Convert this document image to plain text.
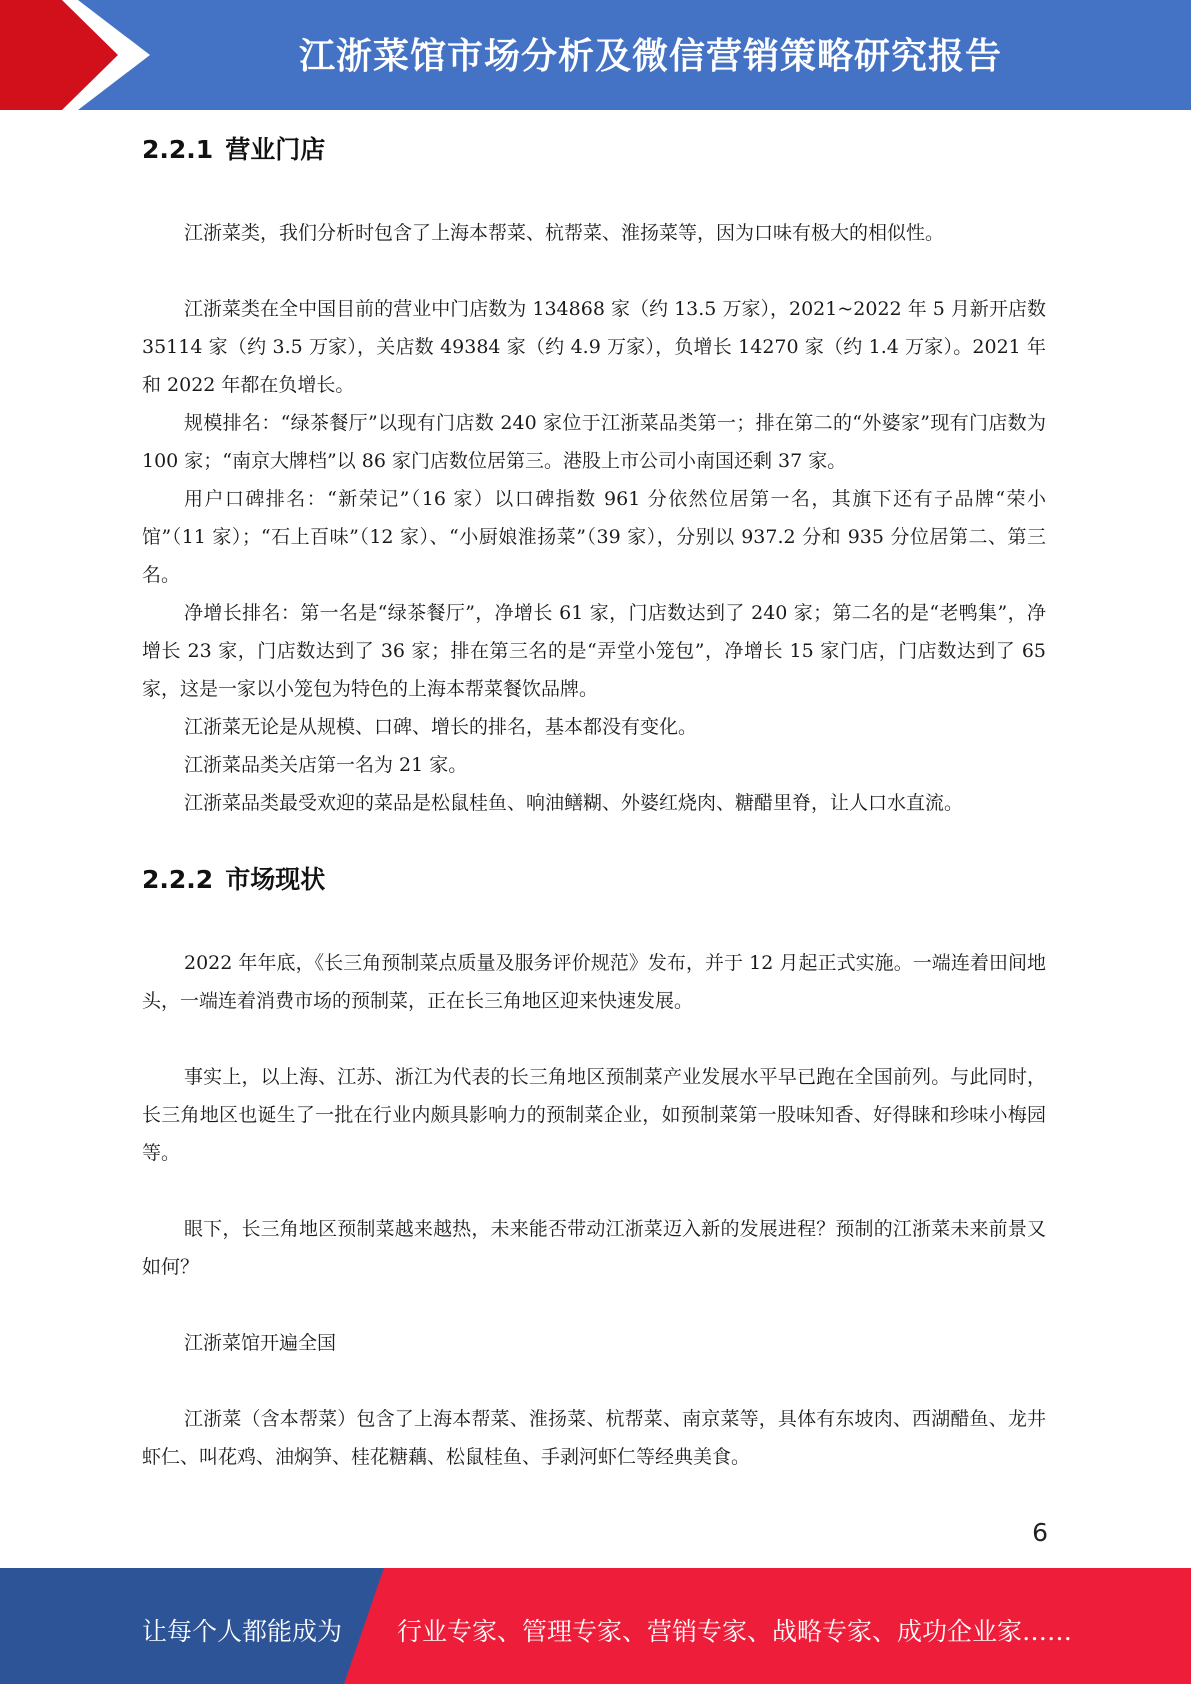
江浙菜馆市场分析及微信营销策略研究报告
2.2.1 营业门店

江浙菜类，我们分析时包含了上海本帮菜、杭帮菜、淮扬菜等，因为口味有极大的相似性。

江浙菜类在全中国目前的营业中门店数为 134868 家（约 13.5 万家），2021~2022 年 5 月新开店数 35114 家（约 3.5 万家），关店数 49384 家（约 4.9 万家），负增长 14270 家（约 1.4 万家）。2021 年和 2022 年都在负增长。

规模排名：“绿茶餐厅”以现有门店数 240 家位于江浙菜品类第一；排在第二的“外婆家”现有门店数为 100 家；“南京大牌档”以 86 家门店数位居第三。港股上市公司小南国还剩 37 家。

用户口碑排名：“新荣记”（16 家）以口碑指数 961 分依然位居第一名，其旗下还有子品牌“荣小馆”（11 家）；“石上百味”（12 家）、“小厨娘淮扬菜”（39 家），分别以 937.2 分和 935 分位居第二、第三名。

净增长排名：第一名是“绿茶餐厅”，净增长 61 家，门店数达到了 240 家；第二名的是“老鸭集”，净增长 23 家，门店数达到了 36 家；排在第三名的是“弄堂小笼包”，净增长 15 家门店，门店数达到了 65 家，这是一家以小笼包为特色的上海本帮菜餐饮品牌。

江浙菜无论是从规模、口碑、增长的排名，基本都没有变化。

江浙菜品类关店第一名为 21 家。

江浙菜品类最受欢迎的菜品是松鼠桂鱼、响油鳝糊、外婆红烧肉、糖醋里脊，让人口水直流。

2.2.2 市场现状

2022 年年底，《长三角预制菜点质量及服务评价规范》发布，并于 12 月起正式实施。一端连着田间地头，一端连着消费市场的预制菜，正在长三角地区迎来快速发展。

事实上，以上海、江苏、浙江为代表的长三角地区预制菜产业发展水平早已跑在全国前列。与此同时，长三角地区也诞生了一批在行业内颇具影响力的预制菜企业，如预制菜第一股味知香、好得睐和珍味小梅园等。

眼下，长三角地区预制菜越来越热，未来能否带动江浙菜迈入新的发展进程？预制的江浙菜未来前景又如何？

江浙菜馆开遍全国

江浙菜（含本帮菜）包含了上海本帮菜、淮扬菜、杭帮菜、南京菜等，具体有东坡肉、西湖醋鱼、龙井虾仁、叫花鸡、油焖笋、桂花糖藕、松鼠桂鱼、手剥河虾仁等经典美食。

6
让每个人都能成为 行业专家、管理专家、营销专家、战略专家、成功企业家……
